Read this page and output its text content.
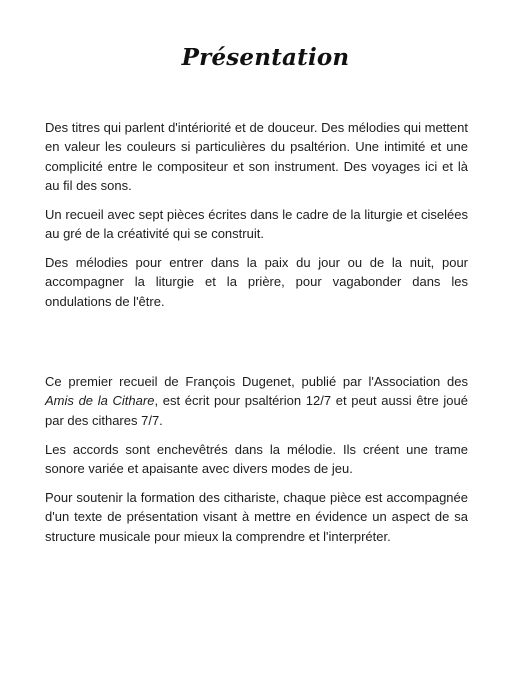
Présentation

Des titres qui parlent d'intériorité et de douceur. Des mélodies qui mettent en valeur les couleurs si particulières du psaltérion. Une intimité et une complicité entre le compositeur et son instrument. Des voyages ici et là au fil des sons.

Un recueil avec sept pièces écrites dans le cadre de la liturgie et ciselées au gré de la créativité qui se construit.

Des mélodies pour entrer dans la paix du jour ou de la nuit, pour accompagner la liturgie et la prière, pour vagabonder dans les ondulations de l'être.

Ce premier recueil de François Dugenet, publié par l'Association des Amis de la Cithare, est écrit pour psaltérion 12/7 et peut aussi être joué par des cithares 7/7.

Les accords sont enchevêtrés dans la mélodie. Ils créent une trame sonore variée et apaisante avec divers modes de jeu.

Pour soutenir la formation des cithariste, chaque pièce est accompagnée d'un texte de présentation visant à mettre en évidence un aspect de sa structure musicale pour mieux la comprendre et l'interpréter.
